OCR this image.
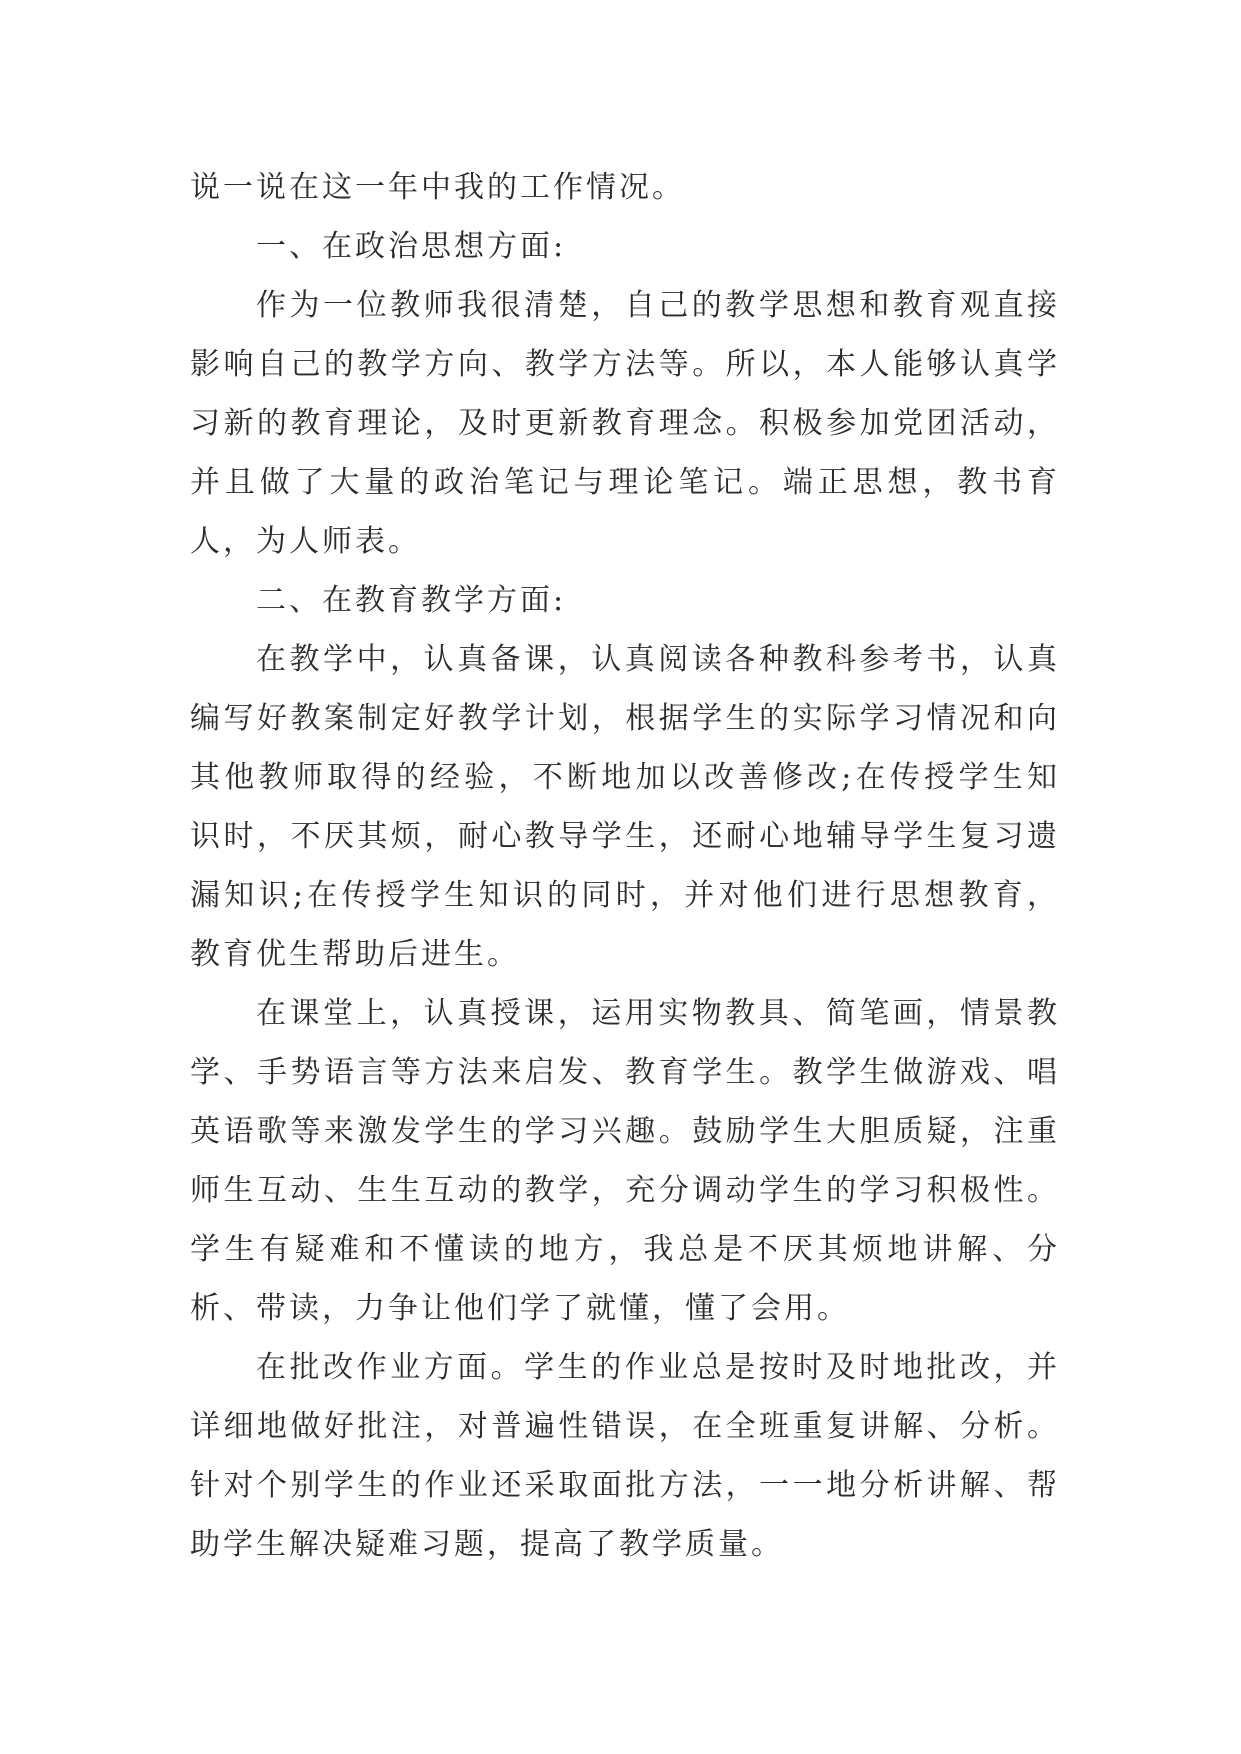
说一说在这一年中我的工作情况。

一、在政治思想方面:

作为一位教师我很清楚，自己的教学思想和教育观直接影响自己的教学方向、教学方法等。所以，本人能够认真学习新的教育理论，及时更新教育理念。积极参加党团活动，并且做了大量的政治笔记与理论笔记。端正思想，教书育人，为人师表。

二、在教育教学方面:

在教学中，认真备课，认真阅读各种教科参考书，认真编写好教案制定好教学计划，根据学生的实际学习情况和向其他教师取得的经验，不断地加以改善修改;在传授学生知识时，不厌其烦，耐心教导学生，还耐心地辅导学生复习遗漏知识;在传授学生知识的同时，并对他们进行思想教育，教育优生帮助后进生。

在课堂上，认真授课，运用实物教具、简笔画，情景教学、手势语言等方法来启发、教育学生。教学生做游戏、唱英语歌等来激发学生的学习兴趣。鼓励学生大胆质疑，注重师生互动、生生互动的教学，充分调动学生的学习积极性。学生有疑难和不懂读的地方，我总是不厌其烦地讲解、分析、带读，力争让他们学了就懂，懂了会用。

在批改作业方面。学生的作业总是按时及时地批改，并详细地做好批注，对普遍性错误，在全班重复讲解、分析。针对个别学生的作业还采取面批方法，一一地分析讲解、帮助学生解决疑难习题，提高了教学质量。
